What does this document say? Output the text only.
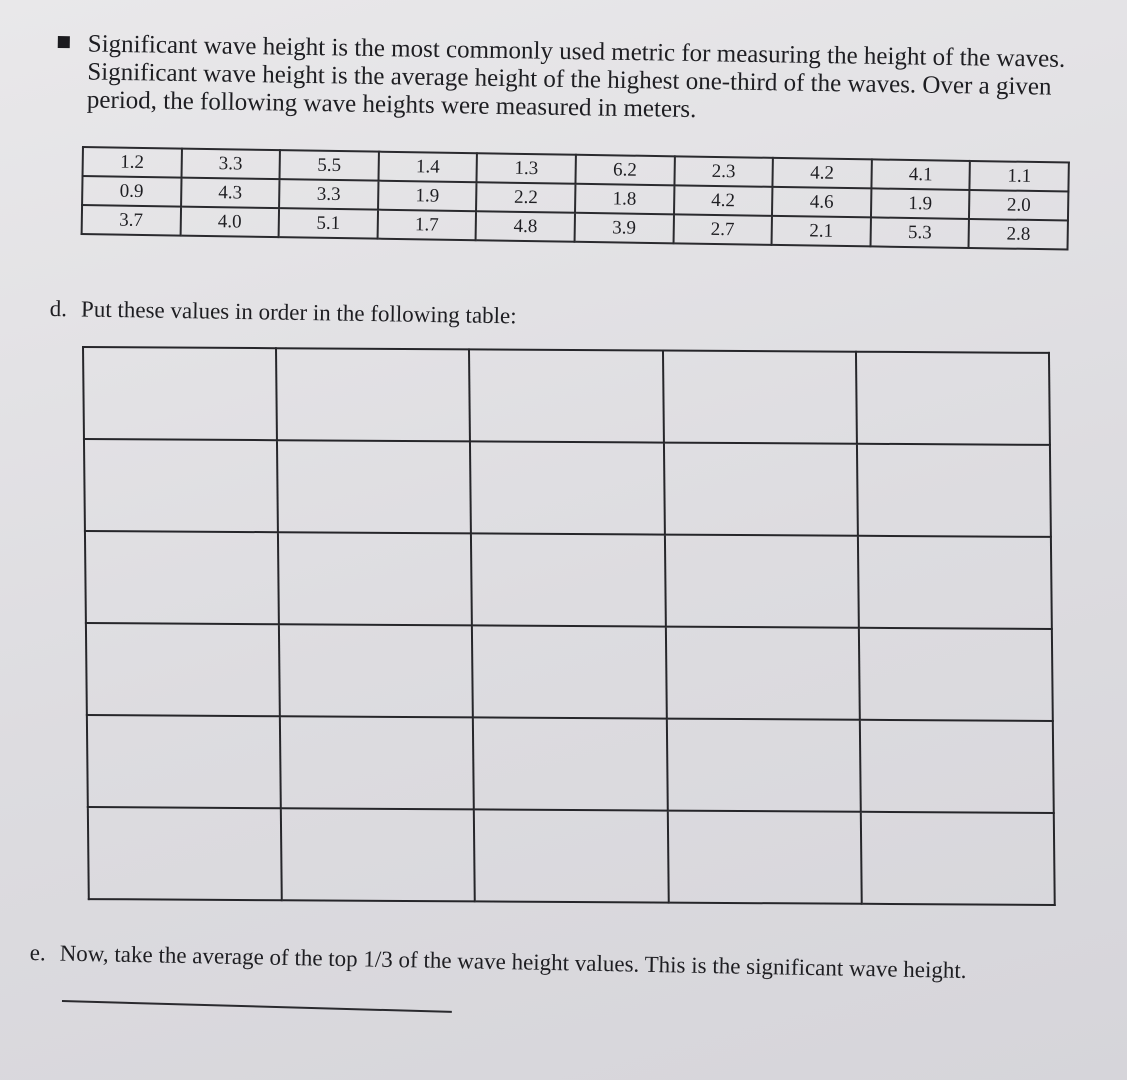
Significant wave height is the most commonly used metric for measuring the height of the waves.
Significant wave height is the average height of the highest one-third of the waves. Over a given
period, the following wave heights were measured in meters.
1.2	3.3	5.5	1.4	1.3	6.2	2.3	4.2	4.1	1.1
0.9	4.3	3.3	1.9	2.2	1.8	4.2	4.6	1.9	2.0
3.7	4.0	5.1	1.7	4.8	3.9	2.7	2.1	5.3	2.8
d. Put these values in order in the following table:

e. Now, take the average of the top 1/3 of the wave height values. This is the significant wave height.
